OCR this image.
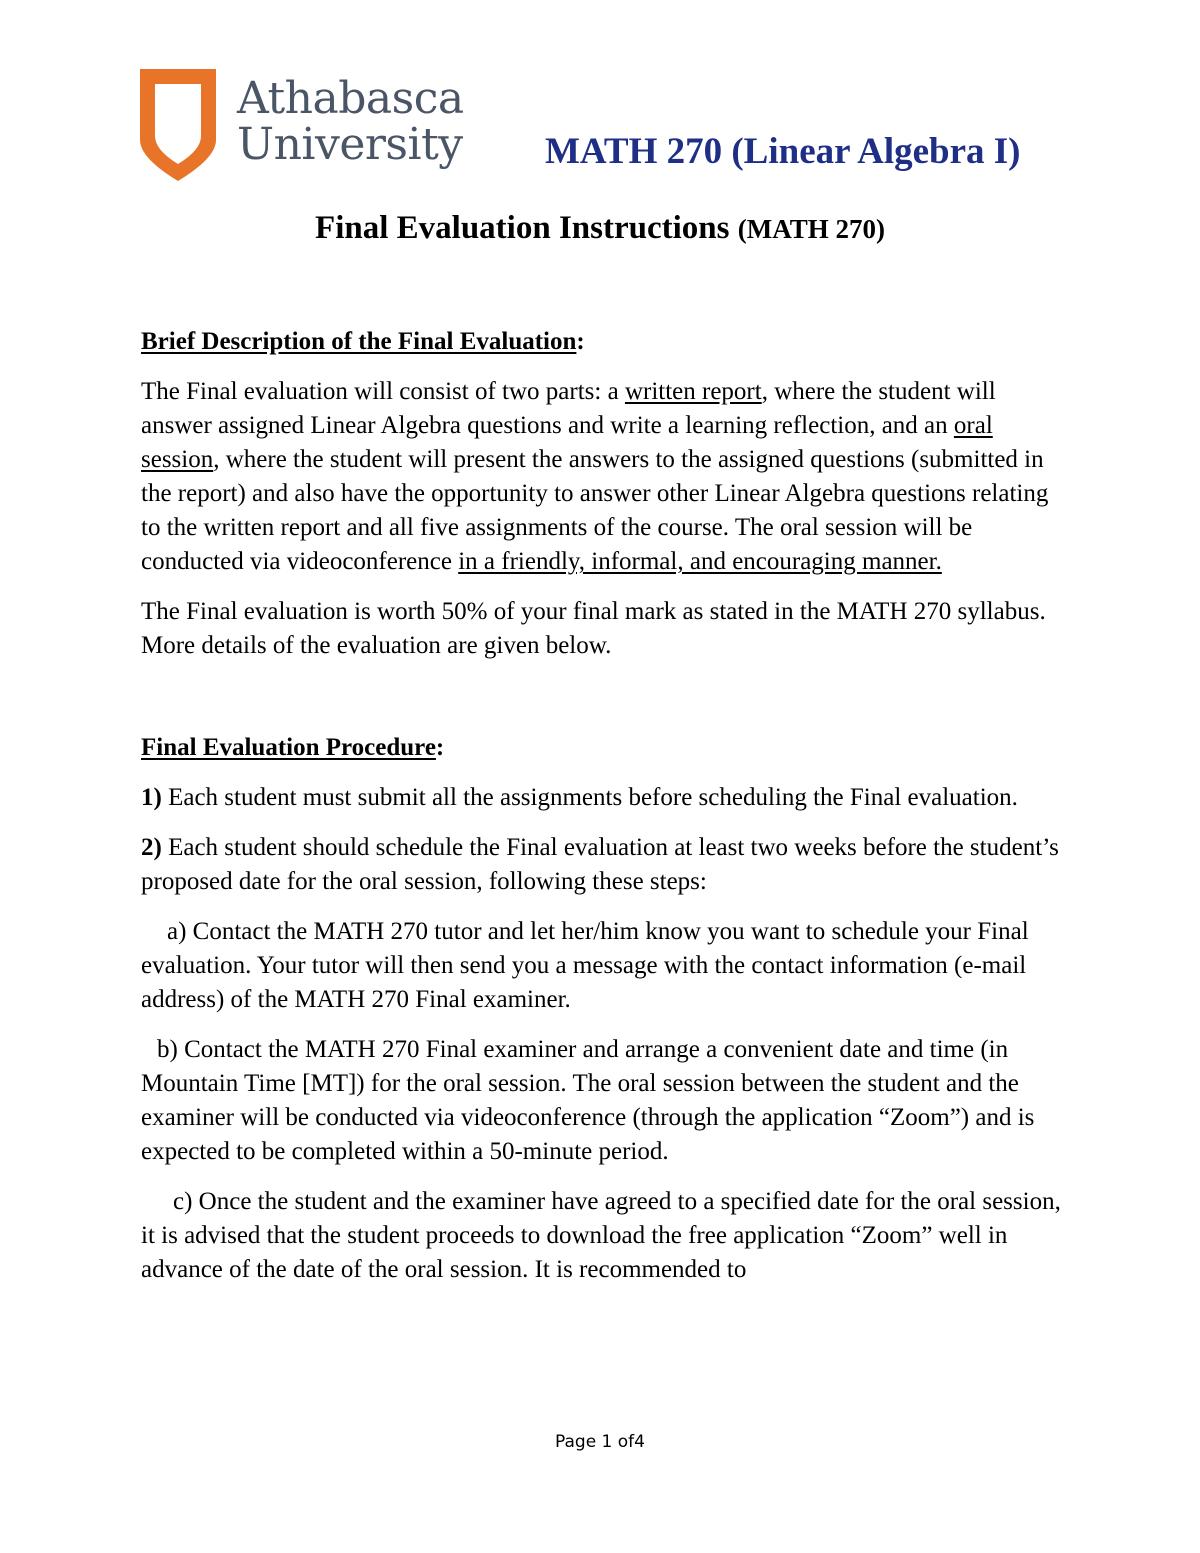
Athabasca
University MATH 270 (Linear Algebra I)
Final Evaluation Instructions (MATH 270)

Brief Description of the Final Evaluation:

The Final evaluation will consist of two parts: a written report, where the student will answer assigned Linear Algebra questions and write a learning reflection, and an oral session, where the student will present the answers to the assigned questions (submitted in the report) and also have the opportunity to answer other Linear Algebra questions relating to the written report and all five assignments of the course. The oral session will be conducted via videoconference in a friendly, informal, and encouraging manner.

The Final evaluation is worth 50% of your final mark as stated in the MATH 270 syllabus. More details of the evaluation are given below.

Final Evaluation Procedure:

1) Each student must submit all the assignments before scheduling the Final evaluation.

2) Each student should schedule the Final evaluation at least two weeks before the student’s proposed date for the oral session, following these steps:

a) Contact the MATH 270 tutor and let her/him know you want to schedule your Final evaluation. Your tutor will then send you a message with the contact information (e-mail address) of the MATH 270 Final examiner.

b) Contact the MATH 270 Final examiner and arrange a convenient date and time (in Mountain Time [MT]) for the oral session. The oral session between the student and the examiner will be conducted via videoconference (through the application “Zoom”) and is expected to be completed within a 50-minute period.

c) Once the student and the examiner have agreed to a specified date for the oral session, it is advised that the student proceeds to download the free application “Zoom” well in advance of the date of the oral session. It is recommended to

Page 1 of4
